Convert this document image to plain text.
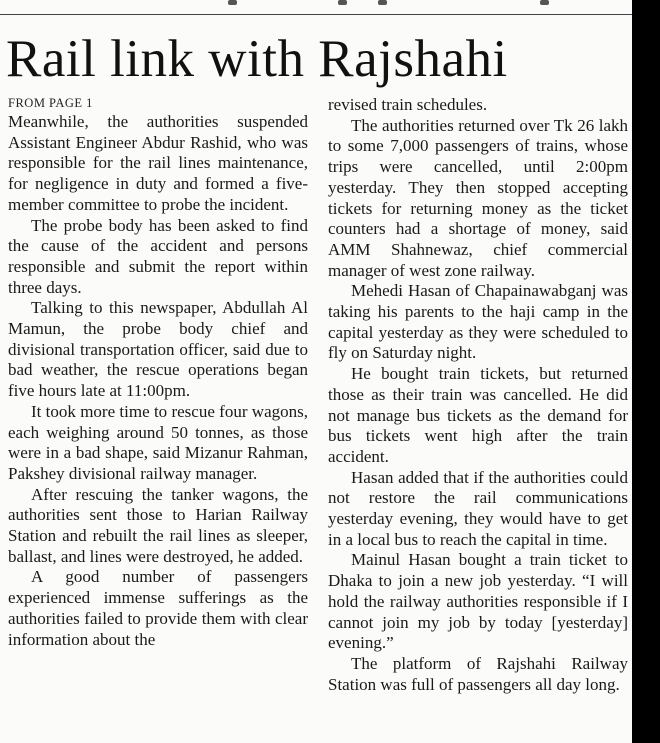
Rail link with Rajshahi

FROM PAGE 1

Meanwhile, the authorities suspended Assistant Engineer Abdur Rashid, who was responsible for the rail lines maintenance, for negligence in duty and formed a five-member committee to probe the incident.

The probe body has been asked to find the cause of the accident and persons responsible and submit the report within three days.

Talking to this newspaper, Abdullah Al Mamun, the probe body chief and divisional transportation officer, said due to bad weather, the rescue operations began five hours late at 11:00pm.

It took more time to rescue four wagons, each weighing around 50 tonnes, as those were in a bad shape, said Mizanur Rahman, Pakshey divisional railway manager.

After rescuing the tanker wagons, the authorities sent those to Harian Railway Station and rebuilt the rail lines as sleeper, ballast, and lines were destroyed, he added.

A good number of passengers experienced immense sufferings as the authorities failed to provide them with clear information about the

revised train schedules.

The authorities returned over Tk 26 lakh to some 7,000 passengers of trains, whose trips were cancelled, until 2:00pm yesterday. They then stopped accepting tickets for returning money as the ticket counters had a shortage of money, said AMM Shahnewaz, chief commercial manager of west zone railway.

Mehedi Hasan of Chapainawabganj was taking his parents to the haji camp in the capital yesterday as they were scheduled to fly on Saturday night.

He bought train tickets, but returned those as their train was cancelled. He did not manage bus tickets as the demand for bus tickets went high after the train accident.

Hasan added that if the authorities could not restore the rail communications yesterday evening, they would have to get in a local bus to reach the capital in time.

Mainul Hasan bought a train ticket to Dhaka to join a new job yesterday. “I will hold the railway authorities responsible if I cannot join my job by today [yesterday] evening.”

The platform of Rajshahi Railway Station was full of passengers all day long.
